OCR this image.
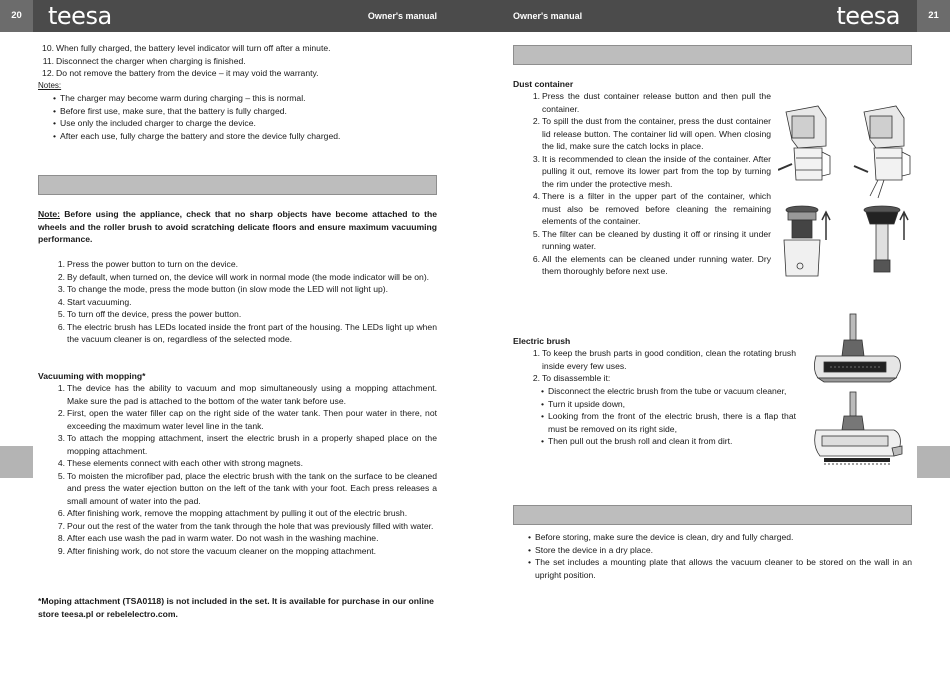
20	teesa	Owner's manual	Owner's manual	teesa	21
10. When fully charged, the battery level indicator will turn off after a minute.
11. Disconnect the charger when charging is finished.
12. Do not remove the battery from the device – it may void the warranty.
Notes:
• The charger may become warm during charging – this is normal.
• Before first use, make sure, that the battery is fully charged.
• Use only the included charger to charge the device.
• After each use, fully charge the battery and store the device fully charged.

Note: Before using the appliance, check that no sharp objects have become attached to the wheels and the roller brush to avoid scratching delicate floors and ensure maximum vacuuming performance.

1. Press the power button to turn on the device.
2. By default, when turned on, the device will work in normal mode (the mode indicator will be on).
3. To change the mode, press the mode button (in slow mode the LED will not light up).
4. Start vacuuming.
5. To turn off the device, press the power button.
6. The electric brush has LEDs located inside the front part of the housing. The LEDs light up when the vacuum cleaner is on, regardless of the selected mode.
Vacuuming with mopping*
1. The device has the ability to vacuum and mop simultaneously using a mopping attachment. Make sure the pad is attached to the bottom of the water tank before use.
2. First, open the water filler cap on the right side of the water tank. Then pour water in there, not exceeding the maximum water level line in the tank.
3. To attach the mopping attachment, insert the electric brush in a properly shaped place on the mopping attachment.
4. These elements connect with each other with strong magnets.
5. To moisten the microfiber pad, place the electric brush with the tank on the surface to be cleaned and press the water ejection button on the left of the tank with your foot. Each press releases a small amount of water into the pad.
6. After finishing work, remove the mopping attachment by pulling it out of the electric brush.
7. Pour out the rest of the water from the tank through the hole that was previously filled with water.
8. After each use wash the pad in warm water. Do not wash in the washing machine.
9. After finishing work, do not store the vacuum cleaner on the mopping attachment.

*Moping attachment (TSA0118) is not included in the set. It is available for purchase in our online store teesa.pl or rebelelectro.com.

Dust container
1. Press the dust container release button and then pull the container.
2. To spill the dust from the container, press the dust container lid release button. The container lid will open. When closing the lid, make sure the catch locks in place.
3. It is recommended to clean the inside of the container. After pulling it out, remove its lower part from the top by turning the rim under the protective mesh.
4. There is a filter in the upper part of the container, which must also be removed before cleaning the remaining elements of the container.
5. The filter can be cleaned by dusting it off or rinsing it under running water.
6. All the elements can be cleaned under running water. Dry them thoroughly before next use.
Electric brush
1. To keep the brush parts in good condition, clean the rotating brush inside every few uses.
2. To disassemble it:
• Disconnect the electric brush from the tube or vacuum cleaner,
• Turn it upside down,
• Looking from the front of the electric brush, there is a flap that must be removed on its right side,
• Then pull out the brush roll and clean it from dirt.
• Before storing, make sure the device is clean, dry and fully charged.
• Store the device in a dry place.
• The set includes a mounting plate that allows the vacuum cleaner to be stored on the wall in an upright position.
